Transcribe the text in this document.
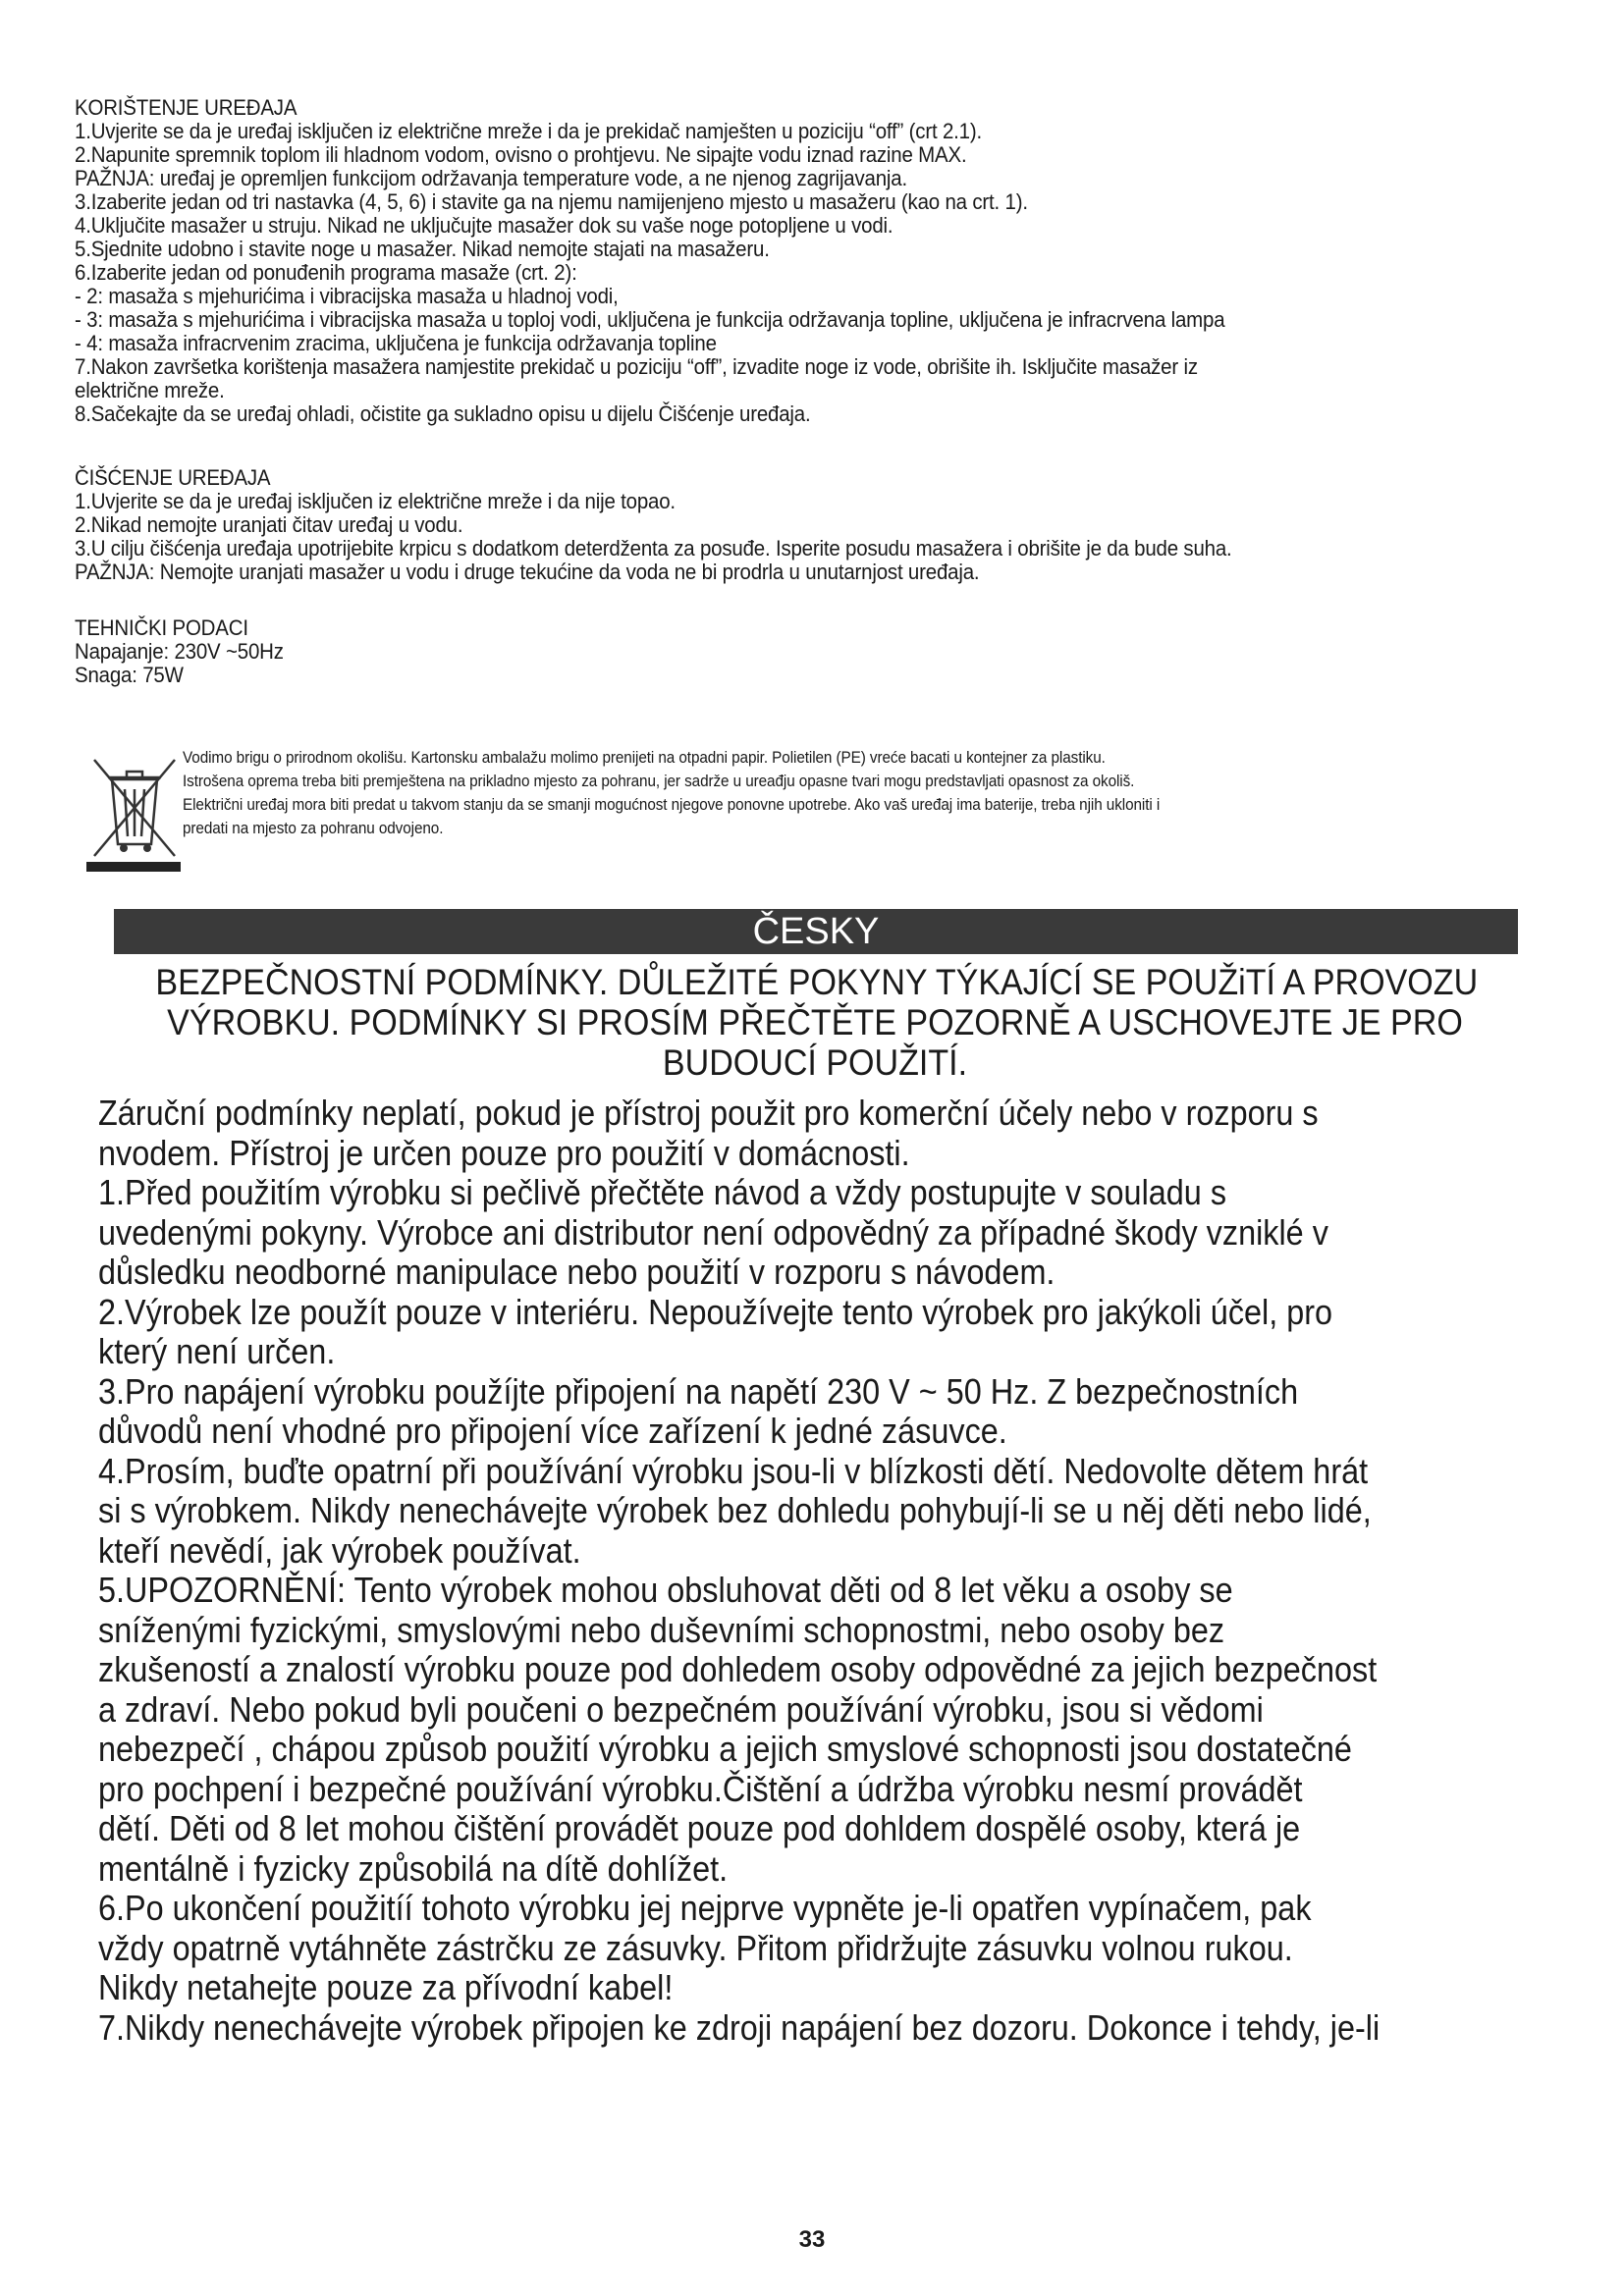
KORIŠTENJE UREĐAJA
1.Uvjerite se da je uređaj isključen iz električne mreže i da je prekidač namješten u poziciju “off” (crt 2.1).
2.Napunite spremnik toplom ili hladnom vodom, ovisno o prohtjevu. Ne sipajte vodu iznad razine MAX.
PAŽNJA: uređaj je opremljen funkcijom održavanja temperature vode, a ne njenog zagrijavanja.
3.Izaberite jedan od tri nastavka (4, 5, 6) i stavite ga na njemu namijenjeno mjesto u masažeru (kao na crt. 1).
4.Uključite masažer u struju. Nikad ne uključujte masažer dok su vaše noge potopljene u vodi.
5.Sjednite udobno i stavite noge u masažer. Nikad nemojte stajati na masažeru.
6.Izaberite jedan od ponuđenih programa masaže (crt. 2):
- 2: masaža s mjehurićima i vibracijska masaža u hladnoj vodi,
- 3: masaža s mjehurićima i vibracijska masaža u toploj vodi, uključena je funkcija održavanja topline, uključena je infracrvena lampa
- 4: masaža infracrvenim zracima, uključena je funkcija održavanja topline
7.Nakon završetka korištenja masažera namjestite prekidač u poziciju “off”, izvadite noge iz vode, obrišite ih. Isključite masažer iz
električne mreže.
8.Sačekajte da se uređaj ohladi, očistite ga sukladno opisu u dijelu Čišćenje uređaja.
ČIŠĆENJE UREĐAJA
1.Uvjerite se da je uređaj isključen iz električne mreže i da nije topao.
2.Nikad nemojte uranjati čitav uređaj u vodu.
3.U cilju čišćenja uređaja upotrijebite krpicu s dodatkom deterdženta za posuđe. Isperite posudu masažera i obrišite je da bude suha.
PAŽNJA: Nemojte uranjati masažer u vodu i druge tekućine da voda ne bi prodrla u unutarnjost uređaja.
TEHNIČKI PODACI
Napajanje: 230V ~50Hz
Snaga: 75W
Vodimo brigu o prirodnom okolišu. Kartonsku ambalažu molimo prenijeti na otpadni papir. Polietilen (PE) vreće bacati u kontejner za plastiku.
Istrošena oprema treba biti premještena na prikladno mjesto za pohranu, jer sadrže u ureađju opasne tvari mogu predstavljati opasnost za okoliš.
Električni uređaj mora biti predat u takvom stanju da se smanji mogućnost njegove ponovne upotrebe. Ako vaš uređaj ima baterije, treba njih ukloniti i
predati na mjesto za pohranu odvojeno.
ČESKY
BEZPEČNOSTNÍ PODMÍNKY. DŮLEŽITÉ POKYNY TÝKAJÍCÍ SE POUŽiTÍ A PROVOZU
VÝROBKU. PODMÍNKY SI PROSÍM PŘEČTĚTE POZORNĚ A USCHOVEJTE JE PRO
BUDOUCÍ POUŽITÍ.
Záruční podmínky neplatí, pokud je přístroj použit pro komerční účely nebo v rozporu s
nvodem. Přístroj je určen pouze pro použití v domácnosti.
1.Před použitím výrobku si pečlivě přečtěte návod a vždy postupujte v souladu s
uvedenými pokyny. Výrobce ani distributor není odpovědný za případné škody vzniklé v
důsledku neodborné manipulace nebo použití v rozporu s návodem.
2.Výrobek lze použít pouze v interiéru. Nepoužívejte tento výrobek pro jakýkoli účel, pro
který není určen.
3.Pro napájení výrobku použíjte připojení na napětí 230 V ~ 50 Hz. Z bezpečnostních
důvodů není vhodné pro připojení více zařízení k jedné zásuvce.
4.Prosím, buďte opatrní při používání výrobku jsou-li v blízkosti dětí. Nedovolte dětem hrát
si s výrobkem. Nikdy nenechávejte výrobek bez dohledu pohybují-li se u něj děti nebo lidé,
kteří nevědí, jak výrobek používat.
5.UPOZORNĚNÍ: Tento výrobek mohou obsluhovat děti od 8 let věku a osoby se
sníženými fyzickými, smyslovými nebo duševními schopnostmi, nebo osoby bez
zkušeností a znalostí výrobku pouze pod dohledem osoby odpovědné za jejich bezpečnost
a zdraví. Nebo pokud byli poučeni o bezpečném používání výrobku, jsou si vědomi
nebezpečí , chápou způsob použití výrobku a jejich smyslové schopnosti jsou dostatečné
pro pochpení i bezpečné používání výrobku.Čištění a údržba výrobku nesmí provádět
dětí. Děti od 8 let mohou čištění provádět pouze pod dohldem dospělé osoby, která je
mentálně i fyzicky způsobilá na dítě dohlížet.
6.Po ukončení použitíí tohoto výrobku jej nejprve vypněte je-li opatřen vypínačem, pak
vždy opatrně vytáhněte zástrčku ze zásuvky. Přitom přidržujte zásuvku volnou rukou.
Nikdy netahejte pouze za přívodní kabel!
7.Nikdy nenechávejte výrobek připojen ke zdroji napájení bez dozoru. Dokonce i tehdy, je-li
33
